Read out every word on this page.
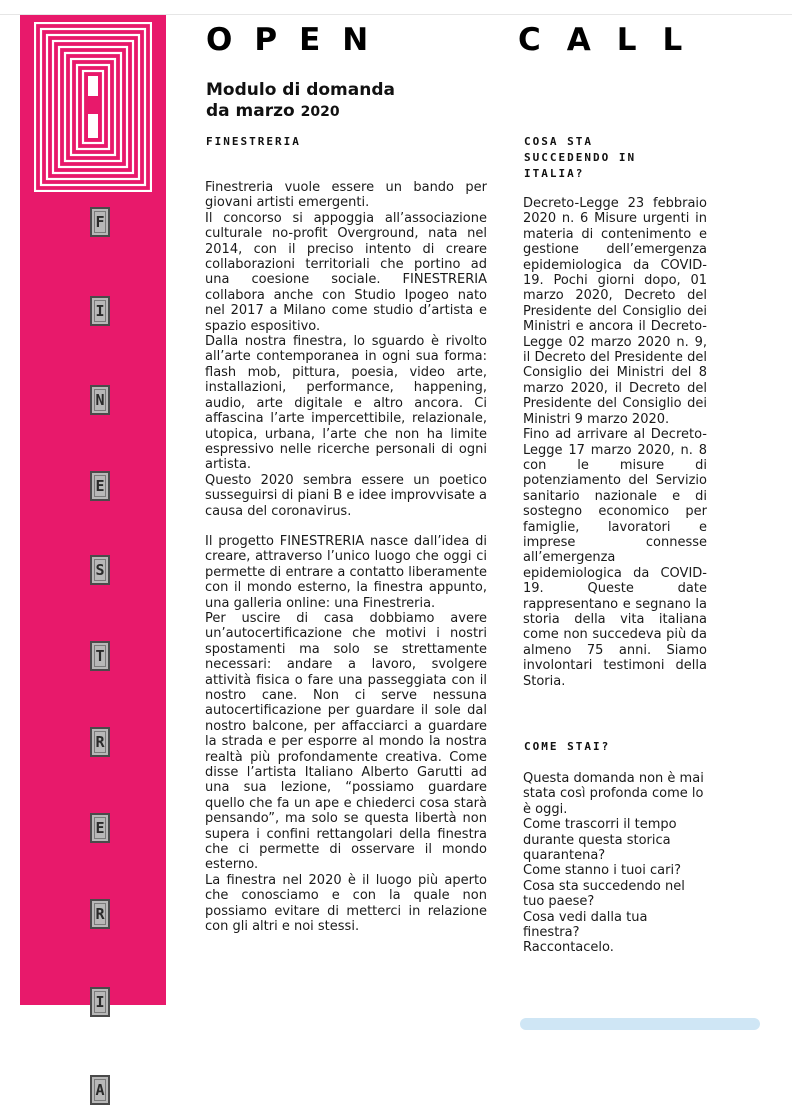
F
I
N
E
S
T
R
E
R
I
A
OPEN	CALL
Modulo di domanda
da marzo 2020
FINESTRERIA

Finestreria vuole essere un bando per giovani artisti emergenti.

Il concorso si appoggia all’associazione culturale no-profit Overground, nata nel 2014, con il preciso intento di creare collaborazioni territoriali che portino ad una coesione sociale. FINESTRERIA collabora anche con Studio Ipogeo nato nel 2017 a Milano come studio d’artista e spazio espositivo.

Dalla nostra finestra, lo sguardo è rivolto all’arte contemporanea in ogni sua forma: flash mob, pittura, poesia, video arte, installazioni, performance, happening, audio, arte digitale e altro ancora. Ci affascina l’arte impercettibile, relazionale, utopica, urbana, l’arte che non ha limite espressivo nelle ricerche personali di ogni artista.

Questo 2020 sembra essere un poetico susseguirsi di piani B e idee improvvisate a causa del coronavirus.

Il progetto FINESTRERIA nasce dall’idea di creare, attraverso l’unico luogo che oggi ci permette di entrare a contatto liberamente con il mondo esterno, la finestra appunto, una galleria online: una Finestreria.

Per uscire di casa dobbiamo avere un’autocertificazione che motivi i nostri spostamenti ma solo se strettamente necessari: andare a lavoro, svolgere attività fisica o fare una passeggiata con il nostro cane. Non ci serve nessuna autocertificazione per guardare il sole dal nostro balcone, per affacciarci a guardare la strada e per esporre al mondo la nostra realtà più profondamente creativa. Come disse l’artista Italiano Alberto Garutti ad una sua lezione, “possiamo guardare quello che fa un ape e chiederci cosa starà pensando”, ma solo se questa libertà non supera i confini rettangolari della finestra che ci permette di osservare il mondo esterno.

La finestra nel 2020 è il luogo più aperto che conosciamo e con la quale non possiamo evitare di metterci in relazione con gli altri e noi stessi.

COSA STA SUCCEDENDO IN ITALIA?

Decreto-Legge 23 febbraio 2020 n. 6 Misure urgenti in materia di contenimento e gestione dell’emergenza epidemiologica da COVID-19. Pochi giorni dopo, 01 marzo 2020, Decreto del Presidente del Consiglio dei Ministri e ancora il Decreto-Legge 02 marzo 2020 n. 9, il Decreto del Presidente del Consiglio dei Ministri del 8 marzo 2020, il Decreto del Presidente del Consiglio dei Ministri 9 marzo 2020.

Fino ad arrivare al Decreto-Legge 17 marzo 2020, n. 8 con le misure di potenziamento del Servizio sanitario nazionale e di sostegno economico per famiglie, lavoratori e imprese connesse all’emergenza epidemiologica da COVID-19. Queste date rappresentano e segnano la storia della vita italiana come non succedeva più da almeno 75 anni. Siamo involontari testimoni della Storia.

COME STAI?

Questa domanda non è mai stata così profonda come lo è oggi.

Come trascorri il tempo durante questa storica quarantena?

Come stanno i tuoi cari?

Cosa sta succedendo nel tuo paese?

Cosa vedi dalla tua finestra?

Raccontacelo.
